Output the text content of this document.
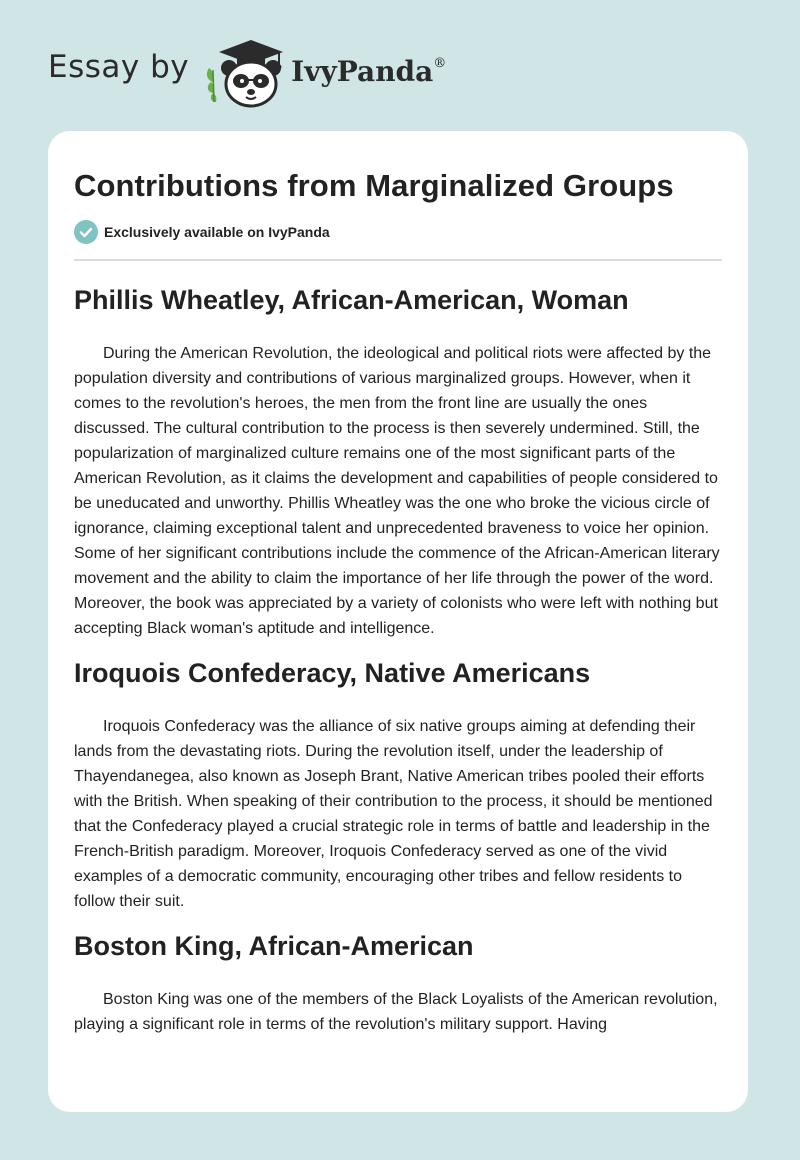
Essay by	IvyPanda®
Contributions from Marginalized Groups
Exclusively available on IvyPanda
Phillis Wheatley, African-American, Woman

During the American Revolution, the ideological and political riots were affected by the population diversity and contributions of various marginalized groups. However, when it comes to the revolution's heroes, the men from the front line are usually the ones discussed. The cultural contribution to the process is then severely undermined. Still, the popularization of marginalized culture remains one of the most significant parts of the American Revolution, as it claims the development and capabilities of people considered to be uneducated and unworthy. Phillis Wheatley was the one who broke the vicious circle of ignorance, claiming exceptional talent and unprecedented braveness to voice her opinion. Some of her significant contributions include the commence of the African-American literary movement and the ability to claim the importance of her life through the power of the word. Moreover, the book was appreciated by a variety of colonists who were left with nothing but accepting Black woman's aptitude and intelligence.

Iroquois Confederacy, Native Americans

Iroquois Confederacy was the alliance of six native groups aiming at defending their lands from the devastating riots. During the revolution itself, under the leadership of Thayendanegea, also known as Joseph Brant, Native American tribes pooled their efforts with the British. When speaking of their contribution to the process, it should be mentioned that the Confederacy played a crucial strategic role in terms of battle and leadership in the French-British paradigm. Moreover, Iroquois Confederacy served as one of the vivid examples of a democratic community, encouraging other tribes and fellow residents to follow their suit.

Boston King, African-American

Boston King was one of the members of the Black Loyalists of the American revolution, playing a significant role in terms of the revolution's military support. Having
